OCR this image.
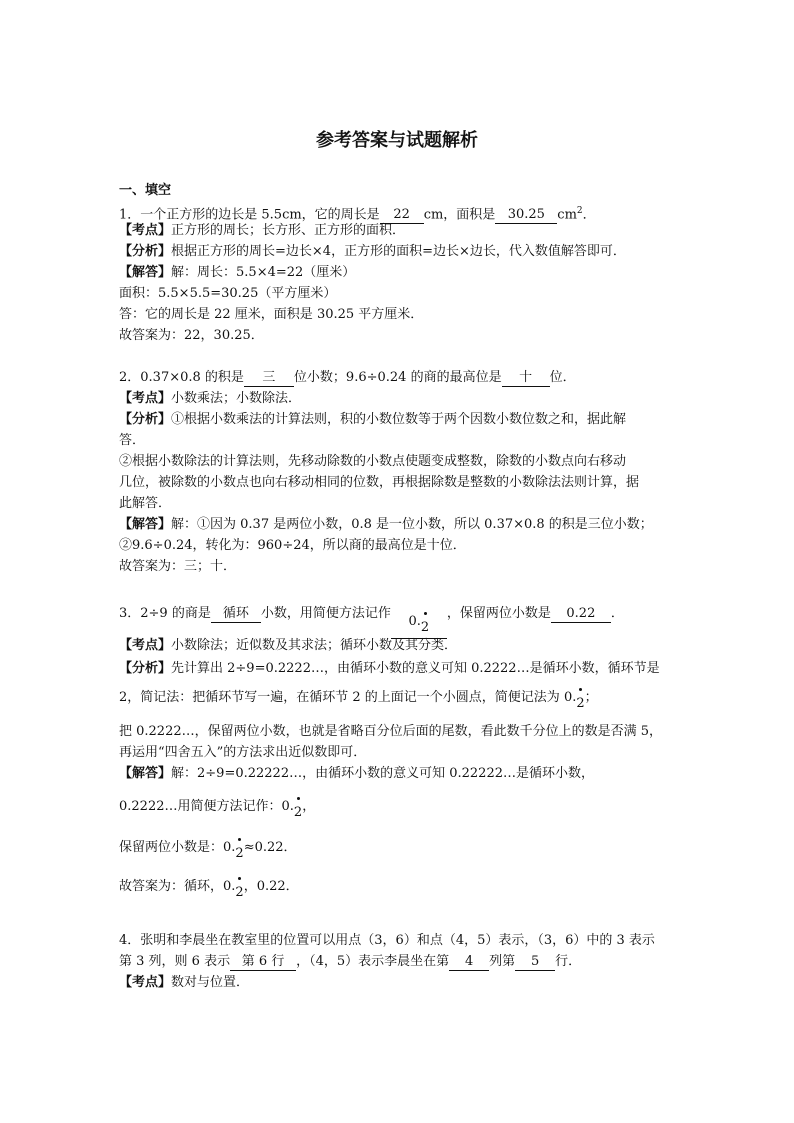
参考答案与试题解析
一、填空
1．一个正方形的边长是 5.5cm，它的周长是 22 cm，面积是 30.25 $cm^2$．
【考点】正方形的周长；长方形、正方形的面积．
【分析】根据正方形的周长=边长×4，正方形的面积=边长×边长，代入数值解答即可．
【解答】解：周长：5.5×4=22（厘米）
面积：5.5×5.5=30.25（平方厘米）
答：它的周长是 22 厘米，面积是 30.25 平方厘米．
故答案为：22，30.25．
2．0.37×0.8 的积是 三 位小数；9.6÷0.24 的商的最高位是 十 位．
【考点】小数乘法；小数除法．
【分析】①根据小数乘法的计算法则，积的小数位数等于两个因数小数位数之和，据此解
答．
②根据小数除法的计算法则，先移动除数的小数点使题变成整数，除数的小数点向右移动
几位，被除数的小数点也向右移动相同的位数，再根据除数是整数的小数除法法则计算，据
此解答．
【解答】解：①因为 0.37 是两位小数，0.8 是一位小数，所以 0.37×0.8 的积是三位小数；
②9.6÷0.24，转化为：960÷24，所以商的最高位是十位．
故答案为：三；十．
3．2÷9 的商是 循环 小数，用简便方法记作0.
2，保留两位小数是 0.22 ．
【考点】小数除法；近似数及其求法；循环小数及其分类．
【分析】先计算出 2÷9=0.2222…，由循环小数的意义可知 0.2222…是循环小数，循环节是
2，简记法：把循环节写一遍，在循环节 2 的上面记一个小圆点，简便记法为 0.
2；
把 0.2222…，保留两位小数，也就是省略百分位后面的尾数，看此数千分位上的数是否满 5，
再运用“四舍五入”的方法求出近似数即可．
【解答】解：2÷9=0.22222…，由循环小数的意义可知 0.22222…是循环小数，
0.2222…用简便方法记作：0.
2，
保留两位小数是：0.
2≈0.22．
故答案为：循环，0.
2，0.22．
4．张明和李晨坐在教室里的位置可以用点（3，6）和点（4，5）表示，（3，6）中的 3 表示
第 3 列，则 6 表示 第 6 行 ，（4，5）表示李晨坐在第 4 列第 5 行．
【考点】数对与位置．
